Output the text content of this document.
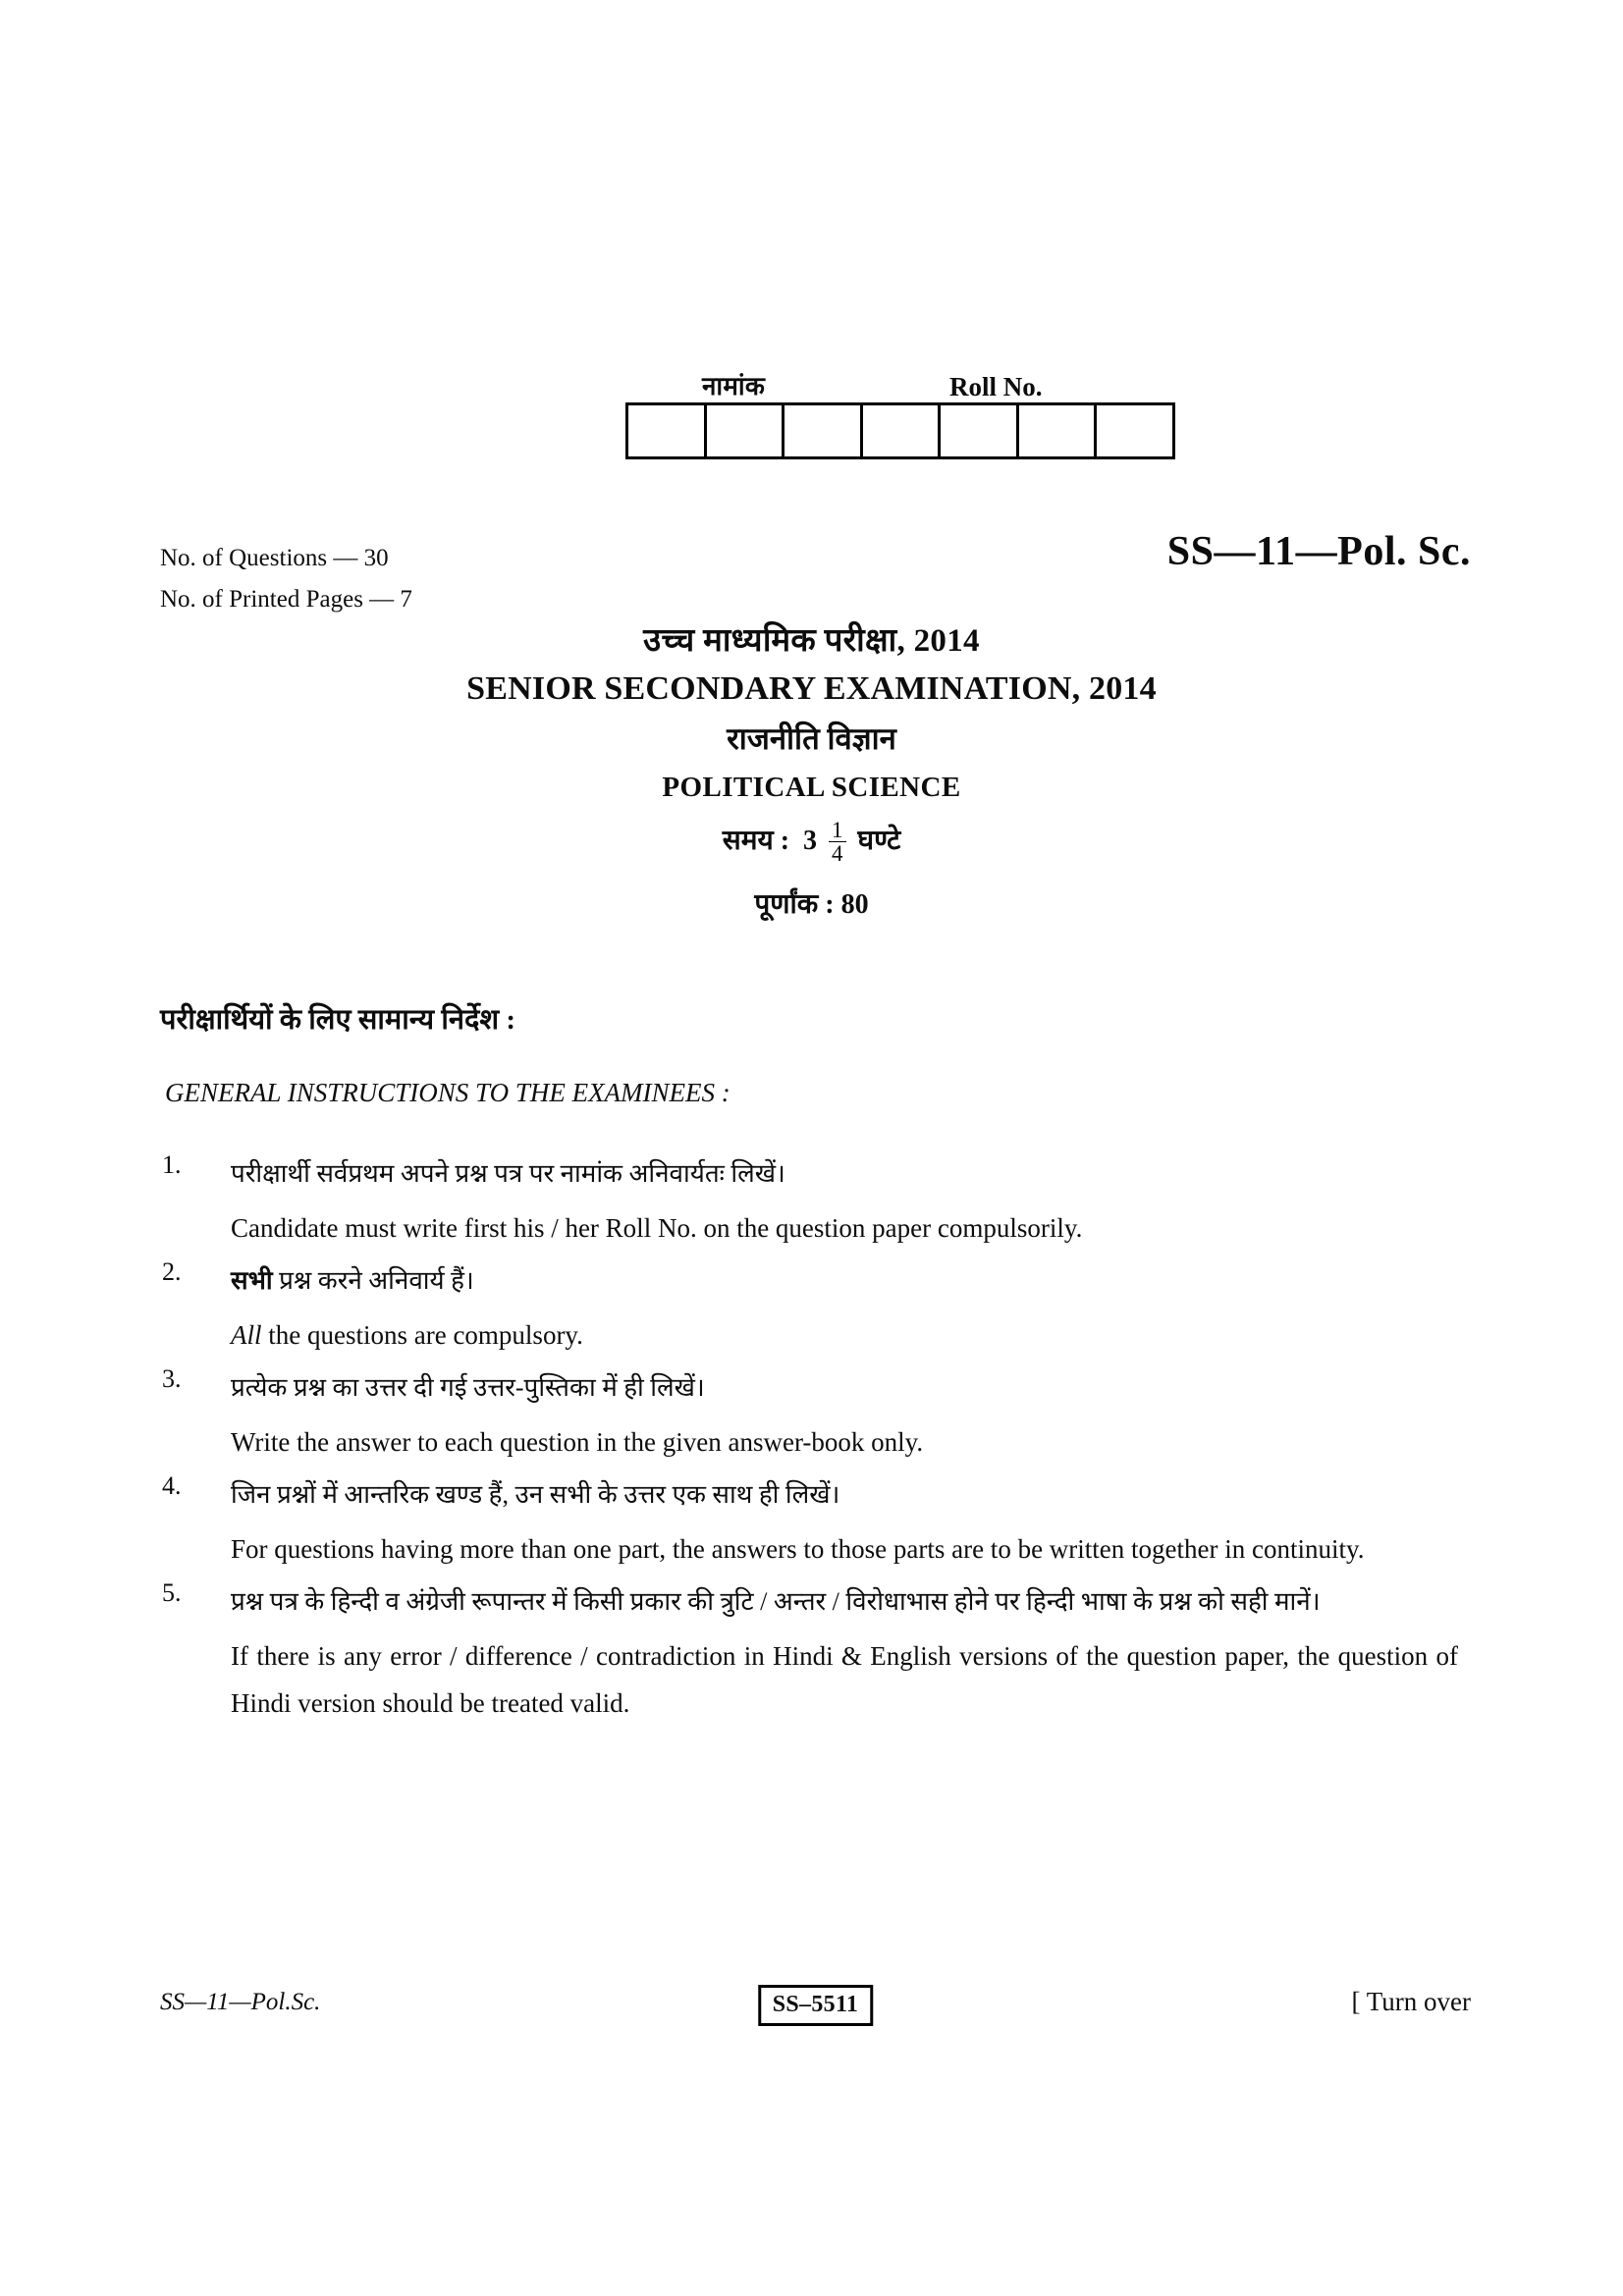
नामांक	Roll No.
No. of Questions — 30
No. of Printed Pages — 7
SS—11—Pol. Sc.
उच्च माध्यमिक परीक्षा, 2014
SENIOR SECONDARY EXAMINATION, 2014
राजनीति विज्ञान
POLITICAL SCIENCE
समय : $3 \frac{1}{4}$ घण्टे
पूर्णांक : 80
परीक्षार्थियों के लिए सामान्य निर्देश :
GENERAL INSTRUCTIONS TO THE EXAMINEES :
1. परीक्षार्थी सर्वप्रथम अपने प्रश्न पत्र पर नामांक अनिवार्यतः लिखें।
Candidate must write first his / her Roll No. on the question paper compulsorily.
2. सभी प्रश्न करने अनिवार्य हैं।
All the questions are compulsory.
3. प्रत्येक प्रश्न का उत्तर दी गई उत्तर-पुस्तिका में ही लिखें।
Write the answer to each question in the given answer-book only.
4. जिन प्रश्नों में आन्तरिक खण्ड हैं, उन सभी के उत्तर एक साथ ही लिखें।
For questions having more than one part, the answers to those parts are to be written together in continuity.
5. प्रश्न पत्र के हिन्दी व अंग्रेजी रूपान्तर में किसी प्रकार की त्रुटि / अन्तर / विरोधाभास होने पर हिन्दी भाषा के प्रश्न को सही मानें।
If there is any error / difference / contradiction in Hindi & English versions of the question paper, the question of Hindi version should be treated valid.
SS—11—Pol.Sc.	SS–5511	[ Turn over
